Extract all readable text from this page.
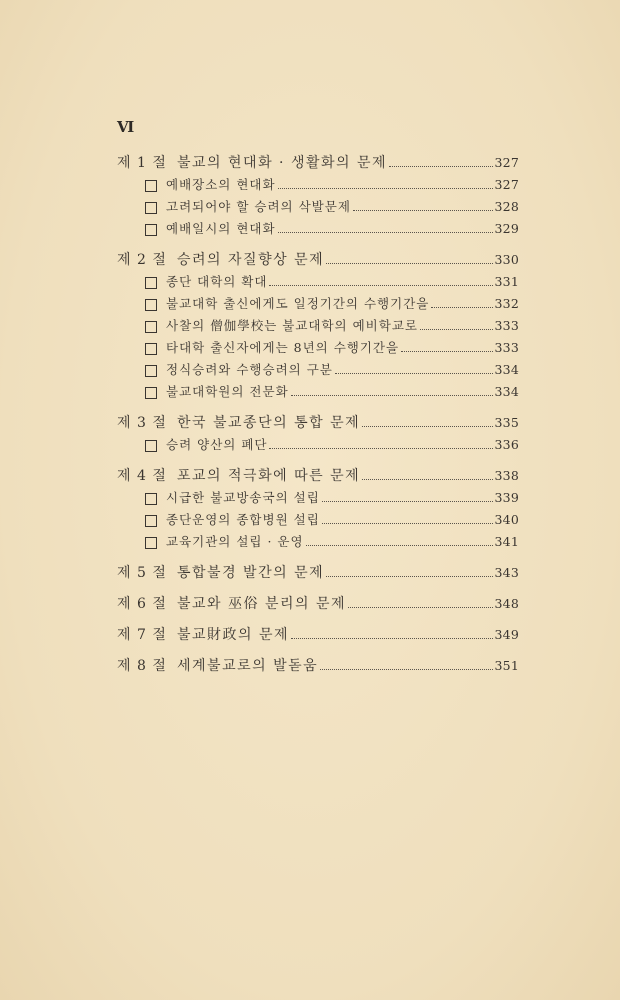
Ⅵ
제 1 절 불교의 현대화 · 생활화의 문제	327
예배장소의 현대화	327
고려되어야 할 승려의 삭발문제	328
예배일시의 현대화	329
제 2 절 승려의 자질향상 문제	330
종단 대학의 확대	331
불교대학 출신에게도 일정기간의 수행기간을	332
사찰의 僧伽學校는 불교대학의 예비학교로	333
타대학 출신자에게는 8년의 수행기간을	333
정식승려와 수행승려의 구분	334
불교대학원의 전문화	334
제 3 절 한국 불교종단의 통합 문제	335
승려 양산의 폐단	336
제 4 절 포교의 적극화에 따른 문제	338
시급한 불교방송국의 설립	339
종단운영의 종합병원 설립	340
교육기관의 설립 · 운영	341
제 5 절 통합불경 발간의 문제	343
제 6 절 불교와 巫俗 분리의 문제	348
제 7 절 불교財政의 문제	349
제 8 절 세계불교로의 발돋움	351
